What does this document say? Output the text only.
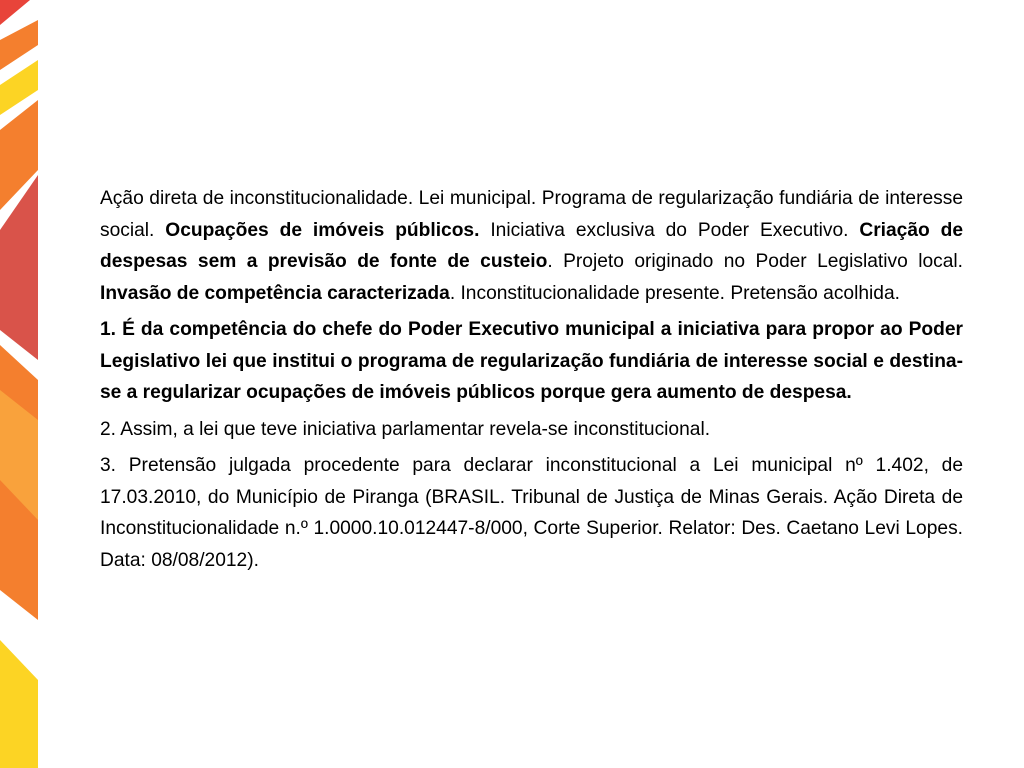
Ação direta de inconstitucionalidade. Lei municipal. Programa de regularização fundiária de interesse social. Ocupações de imóveis públicos. Iniciativa exclusiva do Poder Executivo. Criação de despesas sem a previsão de fonte de custeio. Projeto originado no Poder Legislativo local. Invasão de competência caracterizada. Inconstitucionalidade presente. Pretensão acolhida.

1. É da competência do chefe do Poder Executivo municipal a iniciativa para propor ao Poder Legislativo lei que institui o programa de regularização fundiária de interesse social e destina-se a regularizar ocupações de imóveis públicos porque gera aumento de despesa.

2. Assim, a lei que teve iniciativa parlamentar revela-se inconstitucional.

3. Pretensão julgada procedente para declarar inconstitucional a Lei municipal nº 1.402, de 17.03.2010, do Município de Piranga (BRASIL. Tribunal de Justiça de Minas Gerais. Ação Direta de Inconstitucionalidade n.º 1.0000.10.012447-8/000, Corte Superior. Relator: Des. Caetano Levi Lopes. Data: 08/08/2012).
